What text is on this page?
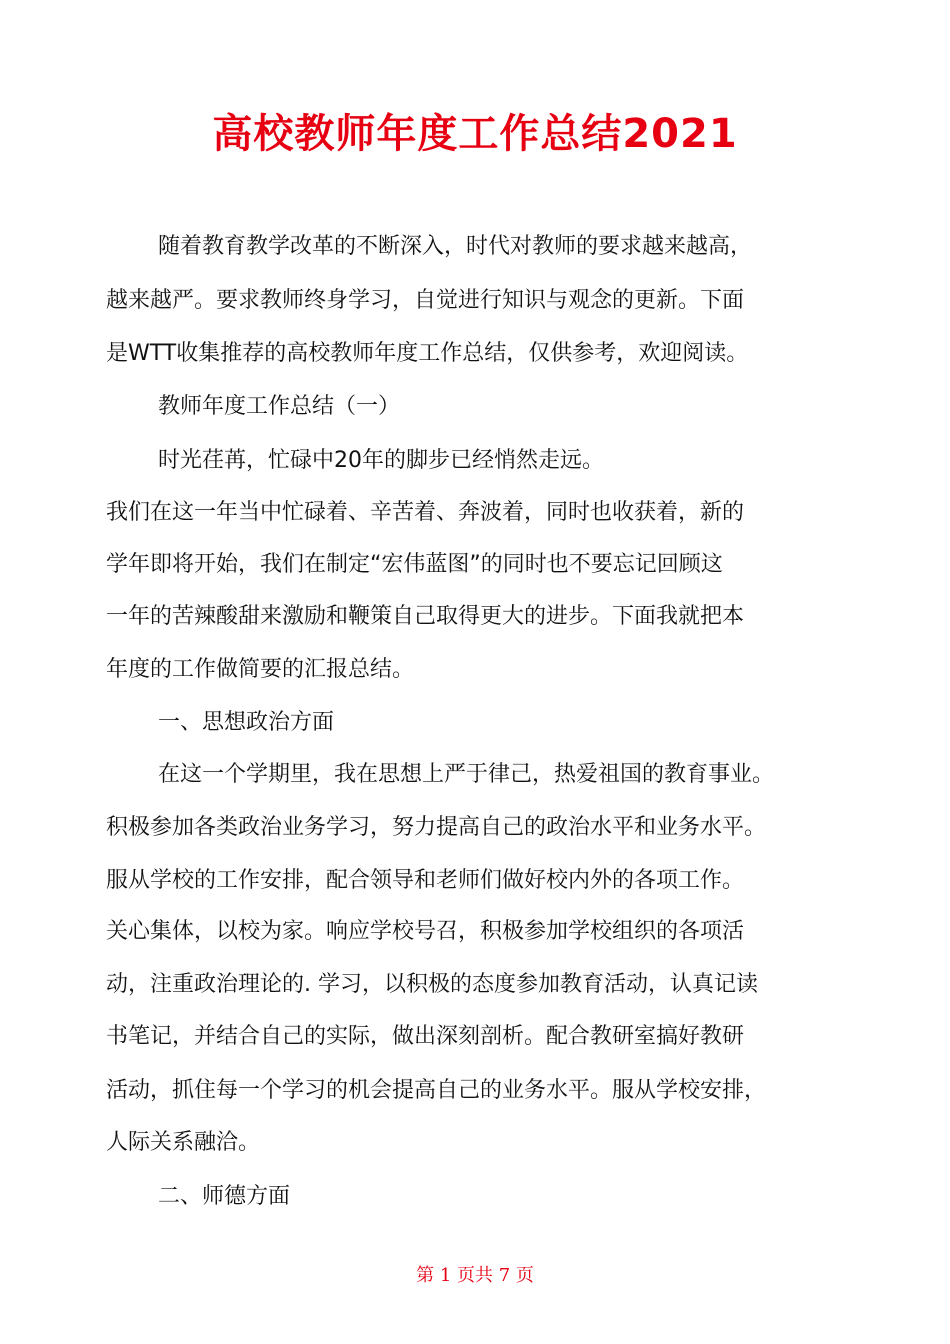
高校教师年度工作总结2021
随着教育教学改革的不断深入，时代对教师的要求越来越高，
越来越严。要求教师终身学习，自觉进行知识与观念的更新。下面
是WTT收集推荐的高校教师年度工作总结，仅供参考，欢迎阅读。
教师年度工作总结（一）
时光荏苒，忙碌中20年的脚步已经悄然走远。
我们在这一年当中忙碌着、辛苦着、奔波着，同时也收获着，新的
学年即将开始，我们在制定“宏伟蓝图”的同时也不要忘记回顾这
一年的苦辣酸甜来激励和鞭策自己取得更大的进步。下面我就把本
年度的工作做简要的汇报总结。
一、思想政治方面
在这一个学期里，我在思想上严于律己，热爱祖国的教育事业。
积极参加各类政治业务学习，努力提高自己的政治水平和业务水平。
服从学校的工作安排，配合领导和老师们做好校内外的各项工作。
关心集体，以校为家。响应学校号召，积极参加学校组织的各项活
动，注重政治理论的. 学习，以积极的态度参加教育活动，认真记读
书笔记，并结合自己的实际，做出深刻剖析。配合教研室搞好教研
活动，抓住每一个学习的机会提高自己的业务水平。服从学校安排，
人际关系融洽。
二、师德方面
第 1 页共 7 页
